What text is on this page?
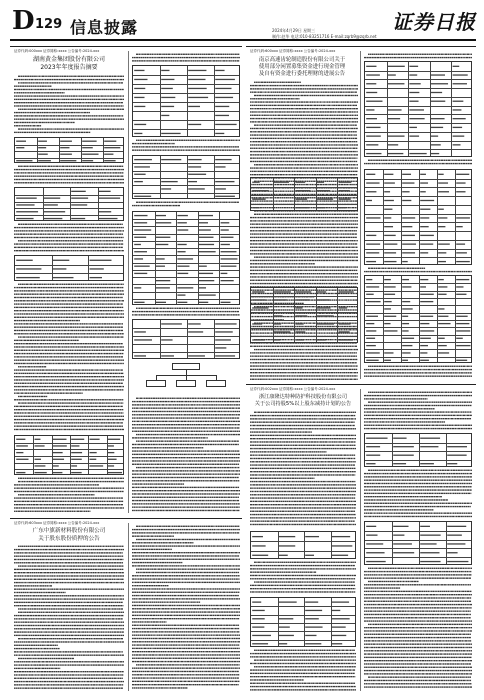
D 129 信息披露	2024年4月29日 星期三
制作:赵华 电话:010-83251716 E-mail:zqrb9@zqrb.net
证券日报
证券代码:000xxx 证券简称:xxxx 公告编号:2024-xxx
湖南黄金集团股份有限公司
2023年年度报告摘要
证券代码:600xxx 证券简称:xxxx 公告编号:2024-xxx
南京高速齿轮制造股份有限公司关于
使用部分闲置募集资金进行现金管理
及自有资金进行委托理财的进展公告
证券代码:603xxx 证券简称:xxxx 公告编号:2024-xxx
广东中旗新材料股份有限公司
关于股东股份质押的公告
证券代码:002xxx 证券简称:xxxx 公告编号:2024-xxx
浙江康隆达特种防护科技股份有限公司
关于公司持股5%以上股东减持计划的公告
